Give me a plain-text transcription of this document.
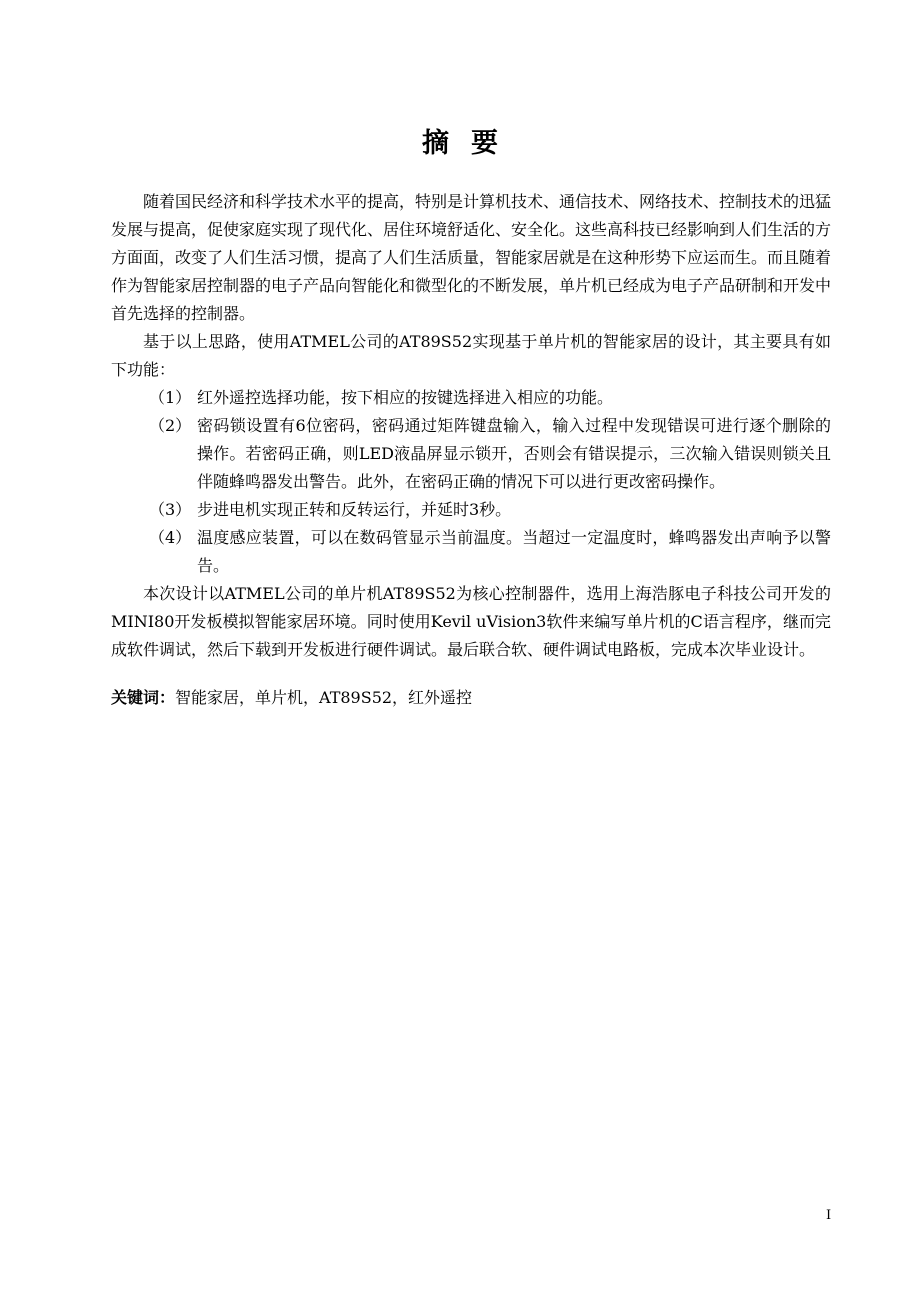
摘要

随着国民经济和科学技术水平的提高，特别是计算机技术、通信技术、网络技术、控制技术的迅猛发展与提高，促使家庭实现了现代化、居住环境舒适化、安全化。这些高科技已经影响到人们生活的方方面面，改变了人们生活习惯，提高了人们生活质量，智能家居就是在这种形势下应运而生。而且随着作为智能家居控制器的电子产品向智能化和微型化的不断发展，单片机已经成为电子产品研制和开发中首先选择的控制器。

基于以上思路，使用ATMEL公司的AT89S52实现基于单片机的智能家居的设计，其主要具有如下功能：

（1） 红外遥控选择功能，按下相应的按键选择进入相应的功能。
（2） 密码锁设置有6位密码，密码通过矩阵键盘输入，输入过程中发现错误可进行逐个删除的操作。若密码正确，则LED液晶屏显示锁开，否则会有错误提示，三次输入错误则锁关且伴随蜂鸣器发出警告。此外，在密码正确的情况下可以进行更改密码操作。
（3） 步进电机实现正转和反转运行，并延时3秒。
（4） 温度感应装置，可以在数码管显示当前温度。当超过一定温度时，蜂鸣器发出声响予以警告。

本次设计以ATMEL公司的单片机AT89S52为核心控制器件，选用上海浩豚电子科技公司开发的MINI80开发板模拟智能家居环境。同时使用Kevil uVision3软件来编写单片机的C语言程序，继而完成软件调试，然后下载到开发板进行硬件调试。最后联合软、硬件调试电路板，完成本次毕业设计。

关键词：智能家居，单片机，AT89S52，红外遥控
I
